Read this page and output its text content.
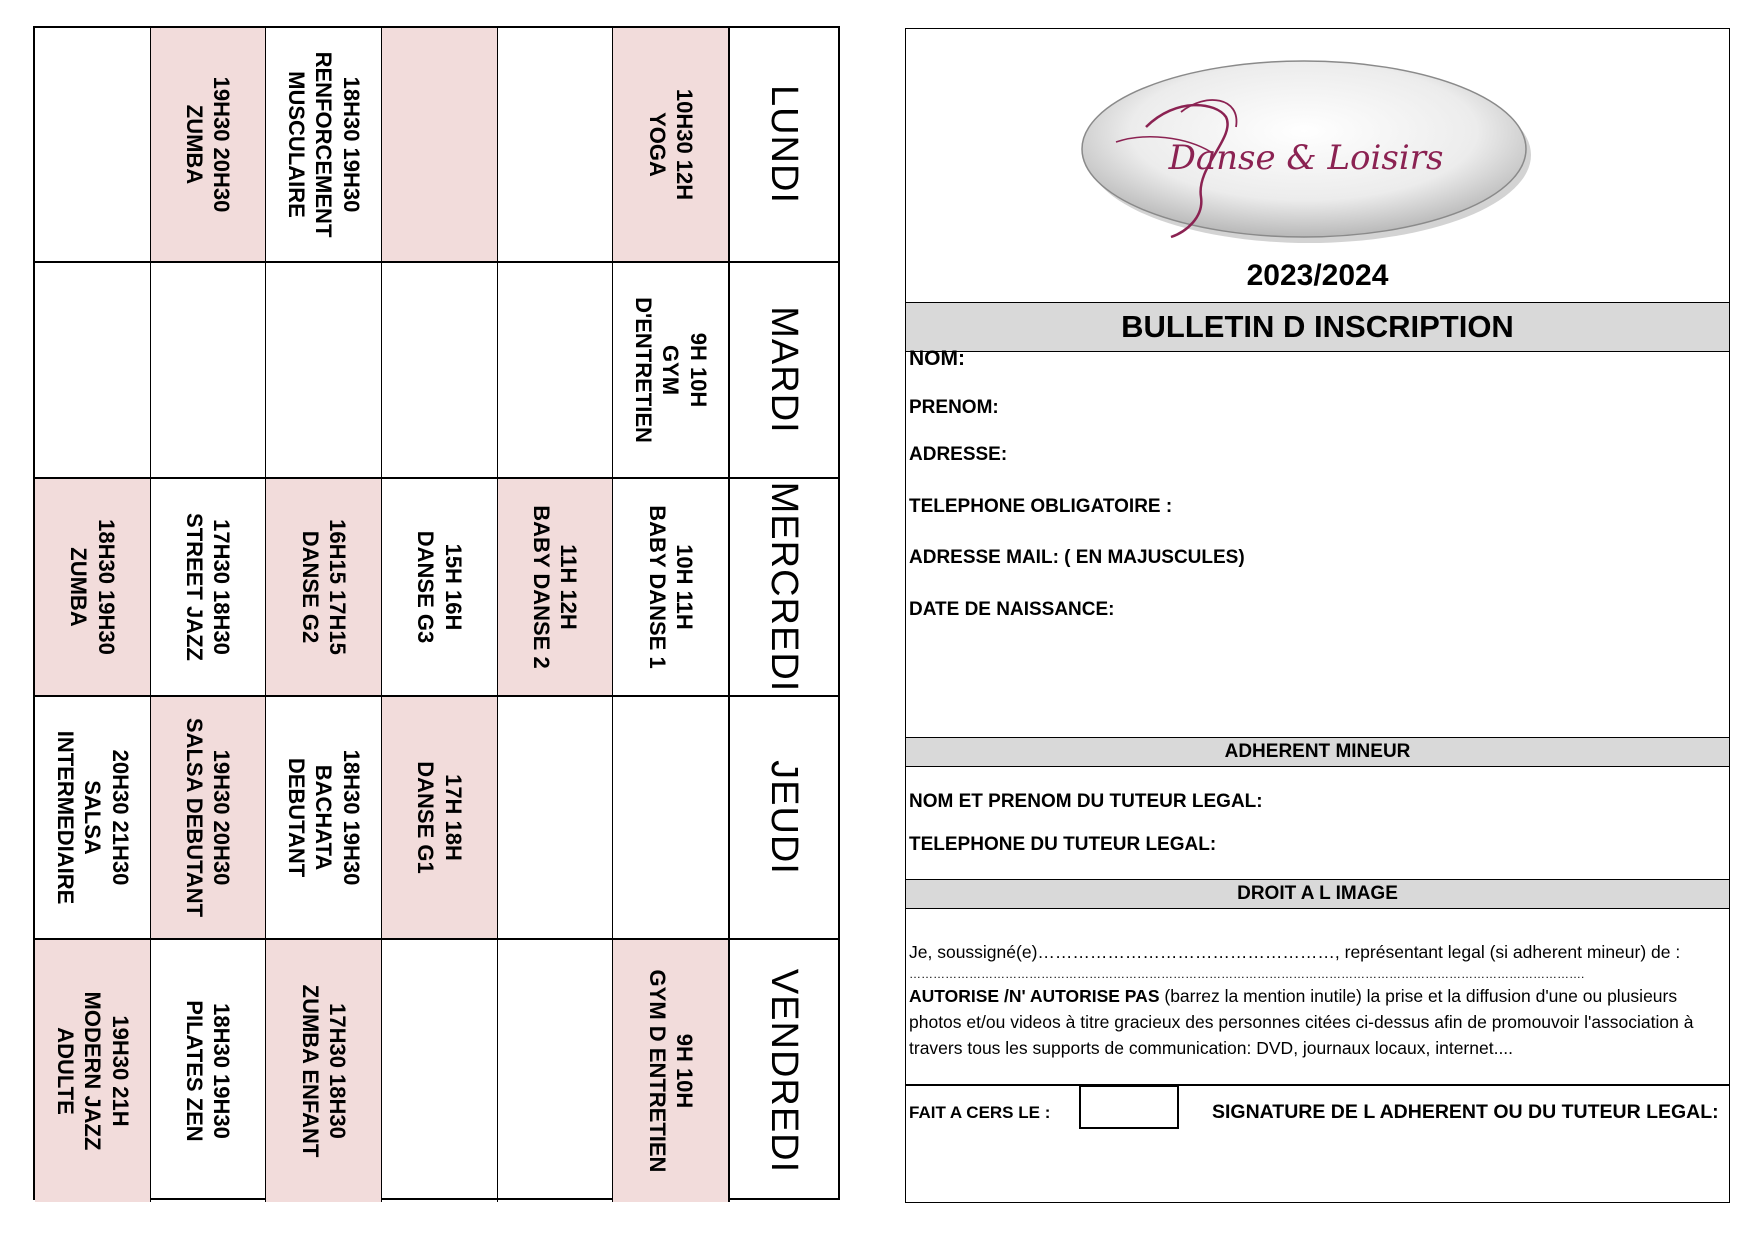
LUNDI
10H30 12H
YOGA
18H30 19H30
RENFORCEMENT
MUSCULAIRE
19H30 20H30
ZUMBA
MARDI
9H 10H
GYM
D'ENTRETIEN
MERCREDI
10H 11H
BABY DANSE 1
11H 12H
BABY DANSE 2
15H 16H
DANSE G3
16H15 17H15
DANSE G2
17H30 18H30
STREET JAZZ
18H30 19H30
ZUMBA
JEUDI
17H 18H
DANSE G1
18H30 19H30
BACHATA
DEBUTANT
19H30 20H30
SALSA DEBUTANT
20H30 21H30
SALSA
INTERMEDIAIRE
VENDREDI
9H 10H
GYM D ENTRETIEN
17H30 18H30
ZUMBA ENFANT
18H30 19H30
PILATES ZEN
19H30 21H
MODERN JAZZ
ADULTE
Danse & Loisirs
2023/2024
BULLETIN D INSCRIPTION
NOM:
PRENOM:
ADRESSE:
TELEPHONE OBLIGATOIRE :
ADRESSE MAIL: ( EN MAJUSCULES)
DATE DE NAISSANCE:
ADHERENT MINEUR
NOM ET PRENOM DU TUTEUR LEGAL:
TELEPHONE DU TUTEUR LEGAL:
DROIT A L IMAGE
Je, soussigné(e)……………………………………………, représentant legal (si adherent mineur) de :
…………………………………………………………………………………………………………………………………………………….
AUTORISE /N' AUTORISE PAS (barrez la mention inutile) la prise et la diffusion d'une ou plusieurs photos et/ou videos à titre gracieux des personnes citées ci-dessus afin de promouvoir l'association à travers tous les supports de communication: DVD, journaux locaux, internet....
FAIT A CERS LE :	SIGNATURE DE L ADHERENT OU DU TUTEUR LEGAL:
